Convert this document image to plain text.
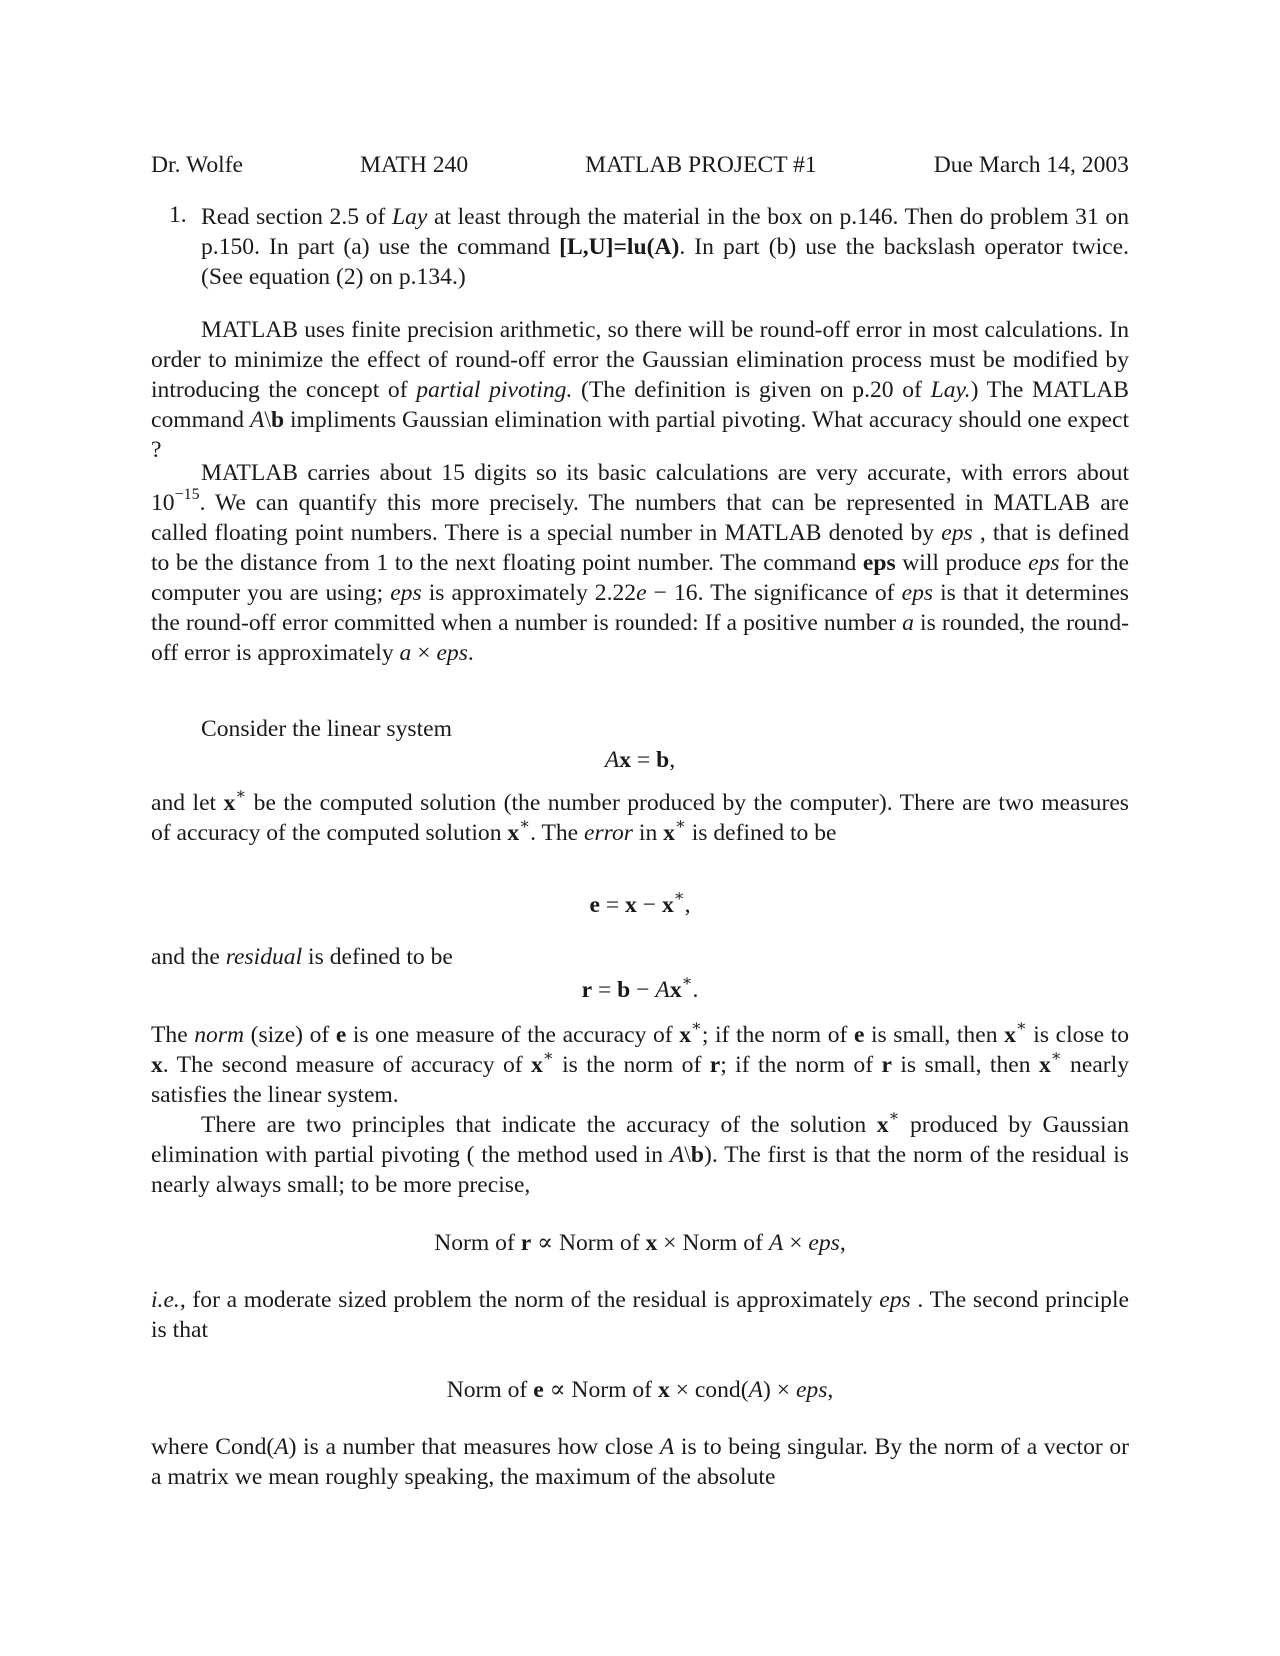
Dr. Wolfe	MATH 240	MATLAB PROJECT #1	Due March 14, 2003
1. Read section 2.5 of Lay at least through the material in the box on p.146. Then do problem 31 on p.150. In part (a) use the command [L,U]=lu(A). In part (b) use the backslash operator twice. (See equation (2) on p.134.)

MATLAB uses finite precision arithmetic, so there will be round-off error in most calculations. In order to minimize the effect of round-off error the Gaussian elimination process must be modified by introducing the concept of partial pivoting. (The definition is given on p.20 of Lay.) The MATLAB command A\b impliments Gaussian elimination with partial pivoting. What accuracy should one expect ?

MATLAB carries about 15 digits so its basic calculations are very accurate, with errors about $10^{-15}$. We can quantify this more precisely. The numbers that can be represented in MATLAB are called floating point numbers. There is a special number in MATLAB denoted by eps , that is defined to be the distance from 1 to the next floating point number. The command eps will produce eps for the computer you are using; eps is approximately 2.22e − 16. The significance of eps is that it determines the round-off error committed when a number is rounded: If a positive number a is rounded, the round-off error is approximately a × eps.

Consider the linear system

Ax = b,

and let x∗ be the computed solution (the number produced by the computer). There are two measures of accuracy of the computed solution x∗. The error in x∗ is defined to be

e = x − x∗,

and the residual is defined to be

r = b − Ax∗.

The norm (size) of e is one measure of the accuracy of x∗; if the norm of e is small, then x∗ is close to x. The second measure of accuracy of x∗ is the norm of r; if the norm of r is small, then x∗ nearly satisfies the linear system.

There are two principles that indicate the accuracy of the solution x∗ produced by Gaussian elimination with partial pivoting ( the method used in A\b). The first is that the norm of the residual is nearly always small; to be more precise,

Norm of r ∝ Norm of x × Norm of A × eps,

i.e., for a moderate sized problem the norm of the residual is approximately eps . The second principle is that

Norm of e ∝ Norm of x × cond(A) × eps,

where Cond(A) is a number that measures how close A is to being singular. By the norm of a vector or a matrix we mean roughly speaking, the maximum of the absolute
